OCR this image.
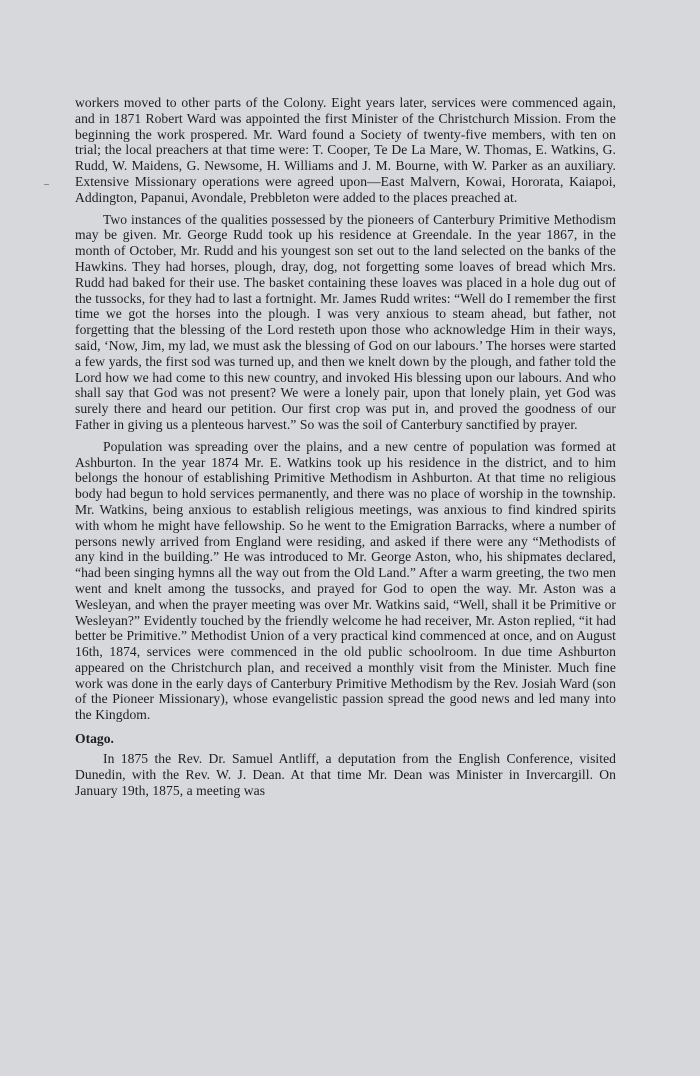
workers moved to other parts of the Colony. Eight years later, services were commenced again, and in 1871 Robert Ward was appointed the first Minister of the Christchurch Mission. From the beginning the work prospered. Mr. Ward found a Society of twenty-five members, with ten on trial; the local preachers at that time were: T. Cooper, Te De La Mare, W. Thomas, E. Watkins, G. Rudd, W. Maidens, G. Newsome, H. Williams and J. M. Bourne, with W. Parker as an auxiliary. Extensive Missionary operations were agreed upon—East Malvern, Kowai, Hororata, Kaiapoi, Addington, Papanui, Avondale, Prebbleton were added to the places preached at.

Two instances of the qualities possessed by the pioneers of Canterbury Primitive Methodism may be given. Mr. George Rudd took up his residence at Greendale. In the year 1867, in the month of October, Mr. Rudd and his youngest son set out to the land selected on the banks of the Hawkins. They had horses, plough, dray, dog, not forgetting some loaves of bread which Mrs. Rudd had baked for their use. The basket containing these loaves was placed in a hole dug out of the tussocks, for they had to last a fortnight. Mr. James Rudd writes: “Well do I remember the first time we got the horses into the plough. I was very anxious to steam ahead, but father, not forgetting that the blessing of the Lord resteth upon those who acknowledge Him in their ways, said, ‘Now, Jim, my lad, we must ask the blessing of God on our labours.’ The horses were started a few yards, the first sod was turned up, and then we knelt down by the plough, and father told the Lord how we had come to this new country, and invoked His blessing upon our labours. And who shall say that God was not present? We were a lonely pair, upon that lonely plain, yet God was surely there and heard our petition. Our first crop was put in, and proved the goodness of our Father in giving us a plenteous harvest.” So was the soil of Canterbury sanctified by prayer.

Population was spreading over the plains, and a new centre of population was formed at Ashburton. In the year 1874 Mr. E. Watkins took up his residence in the district, and to him belongs the honour of establishing Primitive Methodism in Ashburton. At that time no religious body had begun to hold services permanently, and there was no place of worship in the township. Mr. Watkins, being anxious to establish religious meetings, was anxious to find kindred spirits with whom he might have fellowship. So he went to the Emigration Barracks, where a number of persons newly arrived from England were residing, and asked if there were any “Methodists of any kind in the building.” He was introduced to Mr. George Aston, who, his shipmates declared, “had been singing hymns all the way out from the Old Land.” After a warm greeting, the two men went and knelt among the tussocks, and prayed for God to open the way. Mr. Aston was a Wesleyan, and when the prayer meeting was over Mr. Watkins said, “Well, shall it be Primitive or Wesleyan?” Evidently touched by the friendly welcome he had receiver, Mr. Aston replied, “it had better be Primitive.” Methodist Union of a very practical kind commenced at once, and on August 16th, 1874, services were commenced in the old public schoolroom. In due time Ashburton appeared on the Christchurch plan, and received a monthly visit from the Minister. Much fine work was done in the early days of Canterbury Primitive Methodism by the Rev. Josiah Ward (son of the Pioneer Missionary), whose evangelistic passion spread the good news and led many into the Kingdom.

Otago.

In 1875 the Rev. Dr. Samuel Antliff, a deputation from the English Conference, visited Dunedin, with the Rev. W. J. Dean. At that time Mr. Dean was Minister in Invercargill. On January 19th, 1875, a meeting was
